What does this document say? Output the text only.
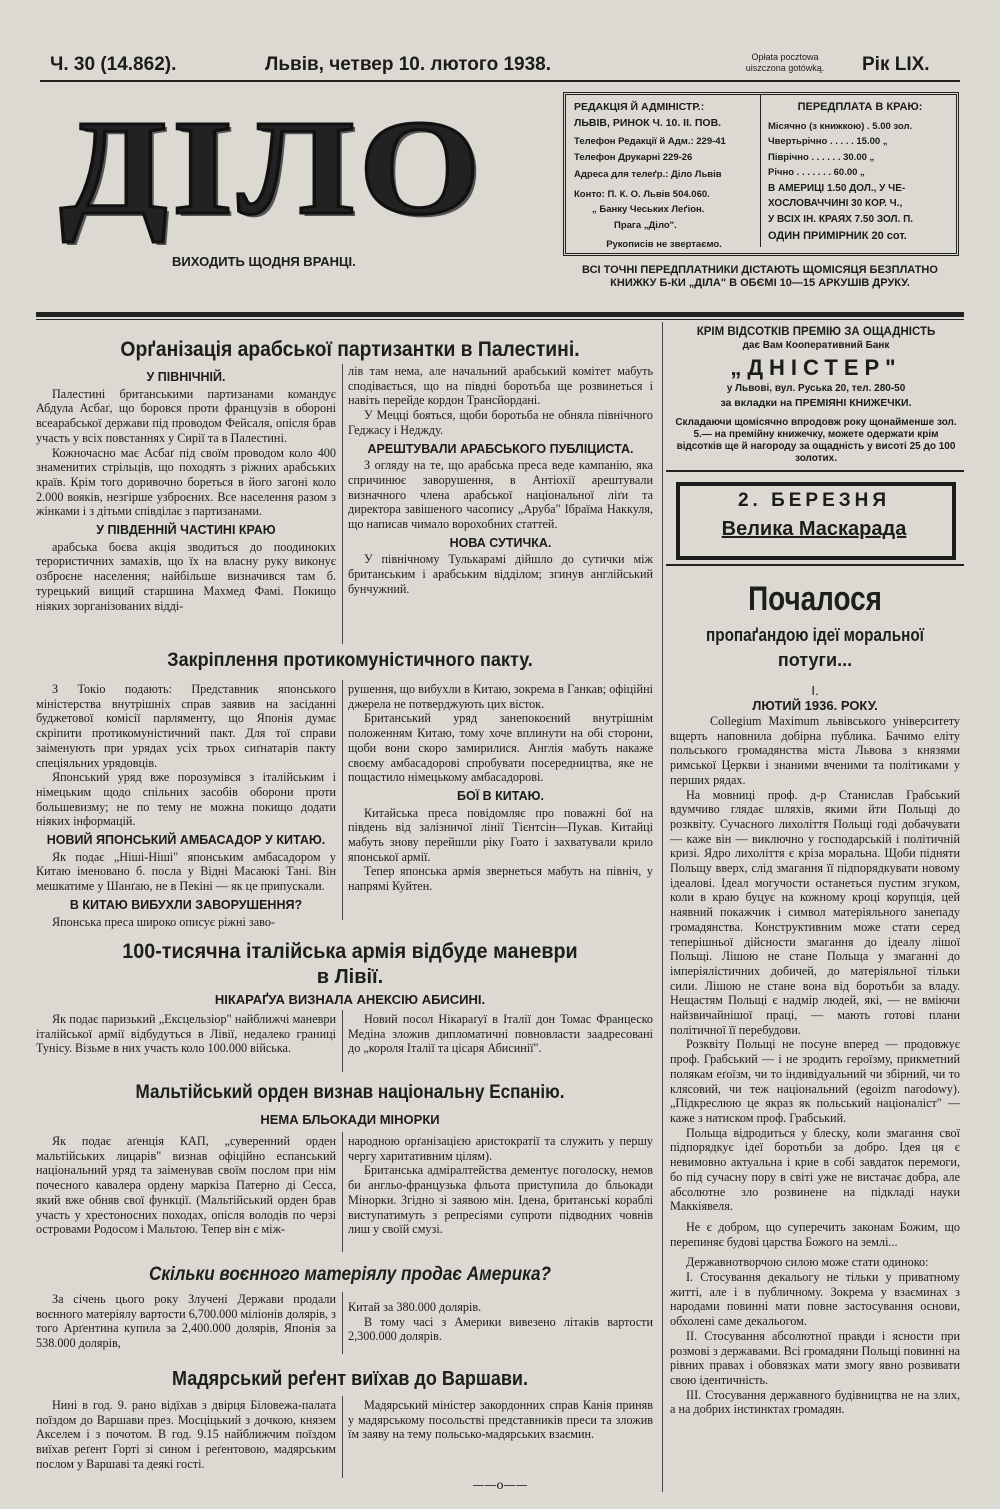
Ч. 30 (14.862).	Львів, четвер 10. лютого 1938.	Opłata pocztowa
uiszczona gotówką.	Рік LIX.
ДІЛО
ВИХОДИТЬ ЩОДНЯ ВРАНЦІ.
РЕДАКЦІЯ Й АДМІНІСТР.:
ЛЬВІВ, РИНОК Ч. 10. II. ПОВ.
Телефон Редакції й Адм.: 229-41
Телефон Друкарні 229-26
Адреса для телеґр.: Діло Львів
Конто: П. К. О. Львів 504.060.
„ Банку Чеських Леґіон.
Прага „Діло".
Рукописів не звертаємо.
ПЕРЕДПЛАТА В КРАЮ:
Місячно (з книжкою) . 5.00 зол.
Чвертьрічно . . . . . 15.00 „
Піврічно . . . . . . 30.00 „
Річно . . . . . . . 60.00 „
В АМЕРИЦІ 1.50 ДОЛ., У ЧЕ-
ХОСЛОВАЧЧИНІ 30 КОР. Ч.,
У ВСІХ ІН. КРАЯХ 7.50 ЗОЛ. П.
ОДИН ПРИМІРНИК 20 сот.
ВСІ ТОЧНІ ПЕРЕДПЛАТНИКИ ДІСТАЮТЬ ЩОМІСЯЦЯ БЕЗПЛАТНО
КНИЖКУ Б-КИ „ДІЛА" В ОБЄМІ 10—15 АРКУШІВ ДРУКУ.
Орґанізація арабської партизантки в Палестині.

У ПІВНІЧНІЙ.

Палестині британськими партизанами командує Абдула Асбаґ, що боровся проти французів в обороні всеарабської держави під проводом Фейсаля, опісля брав участь у всіх повстаннях у Сирії та в Палестині.

Кожночасно має Асбаґ під своїм проводом коло 400 знаменитих стрільців, що походять з ріжних арабських країв. Крім того доривочно бореться в його загоні коло 2.000 вояків, незгірше узброєних. Все населення разом з жінками і з дітьми співділає з партизанами.

У ПІВДЕННІЙ ЧАСТИНІ КРАЮ

арабська боєва акція зводиться до поодиноких терористичних замахів, що їх на власну руку виконує озброєне населення; найбільше визначився там б. турецький вищий старшина Махмед Фамі. Покищо ніяких зорганізованих відді-

лів там нема, але начальний арабський комітет мабуть сподівається, що на півдні боротьба ще розвинеться і навіть перейде кордон Трансйордані.

У Мецці бояться, щоби боротьба не обняла північного Геджасу і Неджду.

АРЕШТУВАЛИ АРАБСЬКОГО ПУБЛІЦИСТА.

З огляду на те, що арабська преса веде кампанію, яка спричинює заворушення, в Антіохії арештували визначного члена арабської національної ліґи та директора завішеного часопису „Аруба" Ібраїма Наккуля, що написав чимало ворохобних статтей.

НОВА СУТИЧКА.

У північному Тулькарамі дійшло до сутички між британським і арабським відділом; згинув англійський бунчужний.

Закріплення протикомуністичного пакту.

З Токіо подають: Представник японського міністерства внутрішніх справ заявив на засіданні буджетової комісії парляменту, що Японія думає скріпити протикомуністичний пакт. Для тої справи заіменують при урядах усіх трьох сиґнатарів пакту спеціяльних урядовців.

Японський уряд вже порозумівся з італійським і німецьким щодо спільних засобів оборони проти большевизму; не по тему не можна покищо додати ніяких інформацій.

НОВИЙ ЯПОНСЬКИЙ АМБАСАДОР У КИТАЮ.

Як подає „Ніші-Ніші" японським амбасадором у Китаю іменовано б. посла у Відні Масаюкі Тані. Він мешкатиме у Шанґаю, не в Пекіні — як це припускали.

В КИТАЮ ВИБУХЛИ ЗАВОРУШЕННЯ?

Японська преса широко описує ріжні заво-

рушення, що вибухли в Китаю, зокрема в Ганкав; офіційні джерела не потверджують цих вісток.

Британський уряд занепокоєний внутрішнім положенням Китаю, тому хоче вплинути на обі сторони, щоби вони скоро замирилися. Англія мабуть накаже своєму амбасадорові спробувати посередництва, яке не пощастило німецькому амбасадорові.

БОЇ В КИТАЮ.

Китайська преса повідомляє про поважні бої на південь від залізничої лінії Тієнтсін—Пукав. Китайці мабуть знову перейшли ріку Гоато і захватували крило японської армії.

Тепер японська армія звернеться мабуть на північ, у напрямі Куйтен.

100-тисячна італійська армія відбуде маневри
в Лівії.
НІКАРАҐУА ВИЗНАЛА АНЕКСІЮ АБИСИНІ.

Як подає паризький „Ексцельзіор" найближчі маневри італійської армії відбудуться в Лівії, недалеко границі Тунісу. Візьме в них участь коло 100.000 війська.

Новий посол Нікараґуї в Італії дон Томас Францеско Медіна зложив дипломатичні повновласти заадресовані до „короля Італії та цісаря Абисинії".

Мальтійський орден визнав національну Еспанію.
НЕМА БЛЬОКАДИ МІНОРКИ

Як подає аґенція КАП, „суверенний орден мальтійських лицарів" визнав офіційно еспанський національний уряд та заіменував своїм послом при нім почесного кавалера ордену маркіза Патерно ді Сесса, який вже обняв свої функції. (Мальтійський орден брав участь у хрестоносних походах, опісля володів по черзі островами Родосом і Мальтою. Тепер він є між-

народною орґанізацією аристократії та служить у першу чергу харитативним цілям).

Британська адміралтейства дементує поголоску, немов би англьо-французька фльота приступила до бльокади Мінорки. Згідно зі заявою мін. Ідена, британські кораблі виступатимуть з репресіями супроти підводних човнів лиш у своїй смузі.

Скільки воєнного матеріялу продає Америка?

За січень цього року Злучені Держави продали воєнного матеріялу вартости 6,700.000 міліонів долярів, з того Арґентина купила за 2,400.000 долярів, Японія за 538.000 долярів,

Китай за 380.000 долярів.

В тому часі з Америки вивезено літаків вартости 2,300.000 долярів.

Мадярський реґент виїхав до Варшави.

Нині в год. 9. рано відїхав з двірця Біловежа-палата поїздом до Варшави през. Мосціцький з дочкою, князем Акселем і з почотом. В год. 9.15 найближчим поїздом виїхав реґент Горті зі сином і реґентовою, мадярським послом у Варшаві та деякі гості.

Мадярський міністер закордонних справ Канія приняв у мадярському посольстві представників преси та зложив їм заяву на тему польсько-мадярських взаємин.

——o——
КРІМ ВІДСОТКІВ ПРЕМІЮ ЗА ОЩАДНІСТЬ
дає Вам Кооперативний Банк
„ДНІСТЕР"
у Львові, вул. Руська 20, тел. 280-50
за вкладки на ПРЕМІЯНІ КНИЖЕЧКИ.
Складаючи щомісячно впродовж року щонайменше зол. 5.— на премійну книжечку, можете одержати крім відсотків ще й нагороду за ощадність у висоті 25 до 100 золотих.
2. БЕРЕЗНЯ
Велика Маскарада
Почалося
пропаґандою ідеї моральної
потуги...
I.
ЛЮТИЙ 1936. РОКУ.

Collegium Maximum львівського університету вщерть наповнила добірна публика. Бачимо еліту польського громадянства міста Львова з князями римської Церкви і знаними вченими та політиками у перших рядах.

На мовниці проф. д-р Станислав Грабський вдумчиво глядає шляхів, якими йти Польщі до розквіту. Сучасного лихоліття Польщі годі добачувати — каже він — виключно у господарській і політичній кризі. Ядро лихоліття є кріза моральна. Щоби підняти Польщу вверх, слід змагання її підпорядкувати новому ідеалові. Ідеал могучости останеться пустим згуком, коли в краю буцує на кожному кроці корупція, цей наявний покажчик і символ матеріяльного занепаду громадянства. Конструктивним може стати серед теперішньої дійсности змагання до ідеалу лішої Польщі. Лішою не стане Польща у змаганні до імперіялістичних добичей, до матеріяльної тільки сили. Лішою не стане вона від боротьби за владу. Нещастям Польщі є надмір людей, які, — не вміючи найзвичайнішої праці, — мають готові плани політичної її перебудови.

Розквіту Польщі не посуне вперед — продовжує проф. Грабський — і не зродить героїзму, прикметний полякам еґоїзм, чи то індивідуальний чи збірний, чи то клясовий, чи теж національний (egoizm narodowy). „Підкреслюю це якраз як польський націоналіст" — каже з натиском проф. Грабський.

Польща відродиться у блеску, коли змагання свої підпорядкує ідеї боротьби за добро. Ідея ця є невимовно актуальна і крие в собі завдаток перемоги, бо під сучасну пору в світі уже не вистачає добра, але абсолютне зло розвинене на підкладі науки Маккіявеля.

Не є добром, що суперечить законам Божим, що перепиняє будові царства Божого на землі...

Державнотворчою силою може стати одиноко:

I. Стосування декальогу не тільки у приватному житті, але і в публичному. Зокрема у взаєминах з народами повинні мати повне застосування основи, обхолені саме декальогом.

II. Стосування абсолютної правди і ясности при розмові з державами. Всі громадяни Польщі повинні на рівних правах і обовязках мати змогу явно розвивати свою ідентичність.

III. Стосування державного будівництва не на злих, а на добрих інстинктах громадян.
